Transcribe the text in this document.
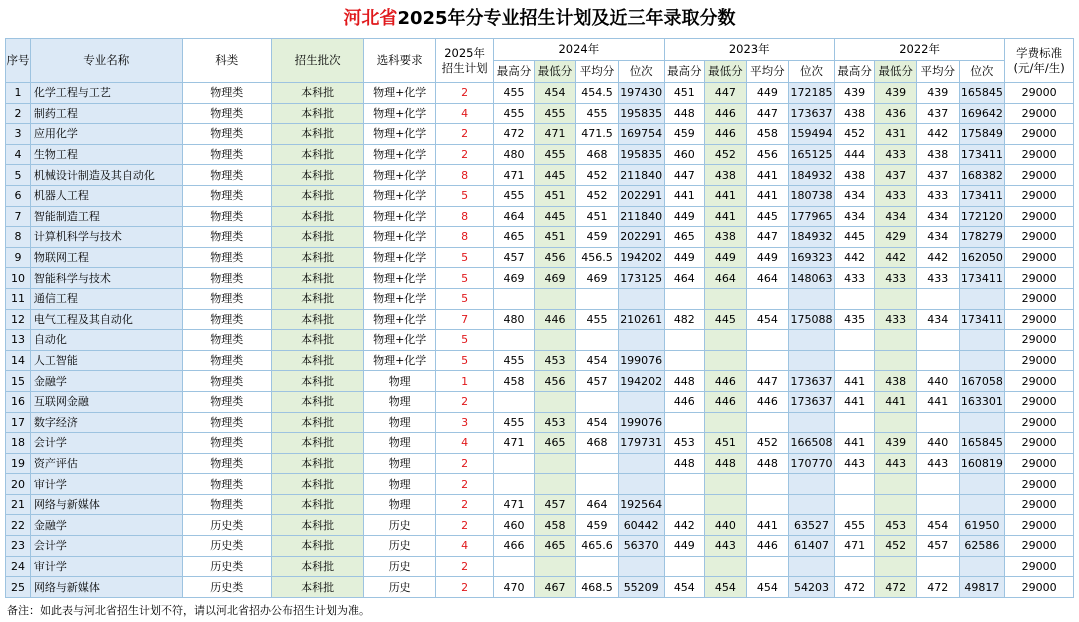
河北省2025年分专业招生计划及近三年录取分数
序号	专业名称	科类	招生批次	选科要求	2025年招生计划	2024年				2023年				2022年				学费标准(元/年/生)
						最高分	最低分	平均分	位次	最高分	最低分	平均分	位次	最高分	最低分	平均分	位次	
1	化学工程与工艺	物理类	本科批	物理+化学	2	455	454	454.5	197430	451	447	449	172185	439	439	439	165845	29000
2	制药工程	物理类	本科批	物理+化学	4	455	455	455	195835	448	446	447	173637	438	436	437	169642	29000
3	应用化学	物理类	本科批	物理+化学	2	472	471	471.5	169754	459	446	458	159494	452	431	442	175849	29000
4	生物工程	物理类	本科批	物理+化学	2	480	455	468	195835	460	452	456	165125	444	433	438	173411	29000
5	机械设计制造及其自动化	物理类	本科批	物理+化学	8	471	445	452	211840	447	438	441	184932	438	437	437	168382	29000
6	机器人工程	物理类	本科批	物理+化学	5	455	451	452	202291	441	441	441	180738	434	433	433	173411	29000
7	智能制造工程	物理类	本科批	物理+化学	8	464	445	451	211840	449	441	445	177965	434	434	434	172120	29000
8	计算机科学与技术	物理类	本科批	物理+化学	8	465	451	459	202291	465	438	447	184932	445	429	434	178279	29000
9	物联网工程	物理类	本科批	物理+化学	5	457	456	456.5	194202	449	449	449	169323	442	442	442	162050	29000
10	智能科学与技术	物理类	本科批	物理+化学	5	469	469	469	173125	464	464	464	148063	433	433	433	173411	29000
11	通信工程	物理类	本科批	物理+化学	5													29000
12	电气工程及其自动化	物理类	本科批	物理+化学	7	480	446	455	210261	482	445	454	175088	435	433	434	173411	29000
13	自动化	物理类	本科批	物理+化学	5													29000
14	人工智能	物理类	本科批	物理+化学	5	455	453	454	199076									29000
15	金融学	物理类	本科批	物理	1	458	456	457	194202	448	446	447	173637	441	438	440	167058	29000
16	互联网金融	物理类	本科批	物理	2					446	446	446	173637	441	441	441	163301	29000
17	数字经济	物理类	本科批	物理	3	455	453	454	199076									29000
18	会计学	物理类	本科批	物理	4	471	465	468	179731	453	451	452	166508	441	439	440	165845	29000
19	资产评估	物理类	本科批	物理	2					448	448	448	170770	443	443	443	160819	29000
20	审计学	物理类	本科批	物理	2													29000
21	网络与新媒体	物理类	本科批	物理	2	471	457	464	192564									29000
22	金融学	历史类	本科批	历史	2	460	458	459	60442	442	440	441	63527	455	453	454	61950	29000
23	会计学	历史类	本科批	历史	4	466	465	465.6	56370	449	443	446	61407	471	452	457	62586	29000
24	审计学	历史类	本科批	历史	2													29000
25	网络与新媒体	历史类	本科批	历史	2	470	467	468.5	55209	454	454	454	54203	472	472	472	49817	29000
备注：如此表与河北省招生计划不符，请以河北省招办公布招生计划为准。
